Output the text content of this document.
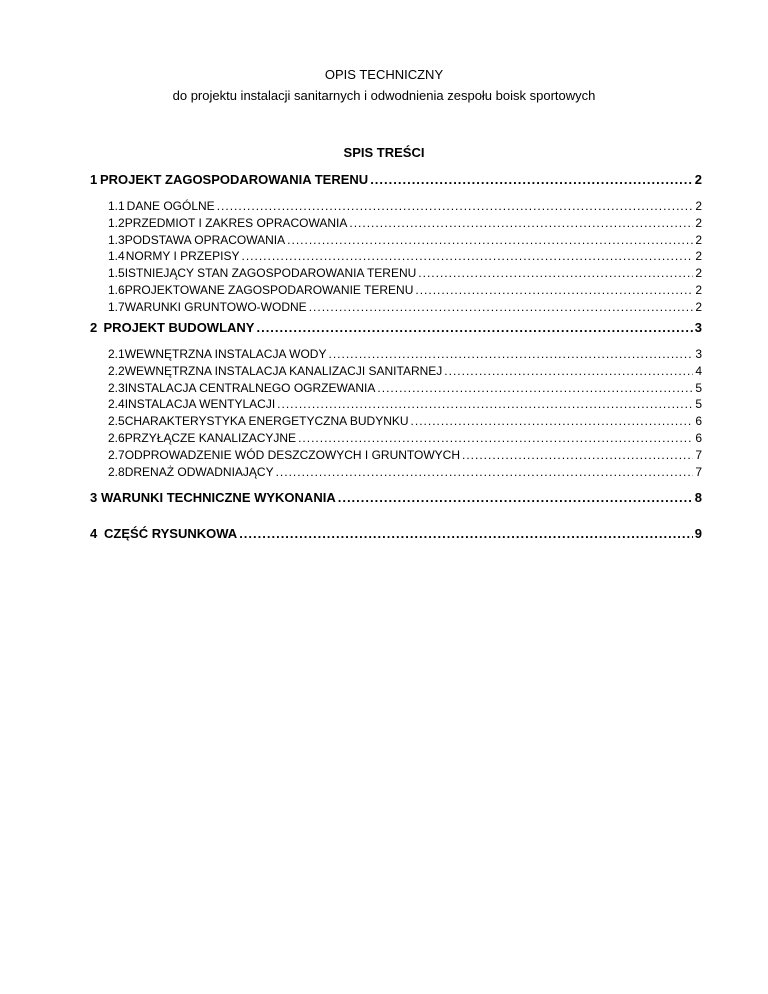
OPIS TECHNICZNY
do projektu instalacji sanitarnych i odwodnienia zespołu boisk sportowych
SPIS TREŚCI
1 PROJEKT ZAGOSPODAROWANIA TERENU .....	2
1.1 DANE OGÓLNE .....	2
1.2 PRZEDMIOT I ZAKRES OPRACOWANIA .....	2
1.3 PODSTAWA OPRACOWANIA .....	2
1.4 NORMY I PRZEPISY .....	2
1.5 ISTNIEJĄCY STAN ZAGOSPODAROWANIA TERENU .....	2
1.6 PROJEKTOWANE ZAGOSPODAROWANIE TERENU .....	2
1.7 WARUNKI GRUNTOWO-WODNE .....	2
2 PROJEKT BUDOWLANY .....	3
2.1 WEWNĘTRZNA INSTALACJA WODY .....	3
2.2 WEWNĘTRZNA INSTALACJA KANALIZACJI SANITARNEJ .....	4
2.3 INSTALACJA CENTRALNEGO OGRZEWANIA .....	5
2.4 INSTALACJA WENTYLACJI .....	5
2.5 CHARAKTERYSTYKA ENERGETYCZNA BUDYNKU .....	6
2.6 PRZYŁĄCZE KANALIZACYJNE .....	6
2.7 ODPROWADZENIE WÓD DESZCZOWYCH I GRUNTOWYCH .....	7
2.8 DRENAŻ ODWADNIAJĄCY .....	7
3 WARUNKI TECHNICZNE WYKONANIA .....	8
4 CZĘŚĆ RYSUNKOWA .....	9
